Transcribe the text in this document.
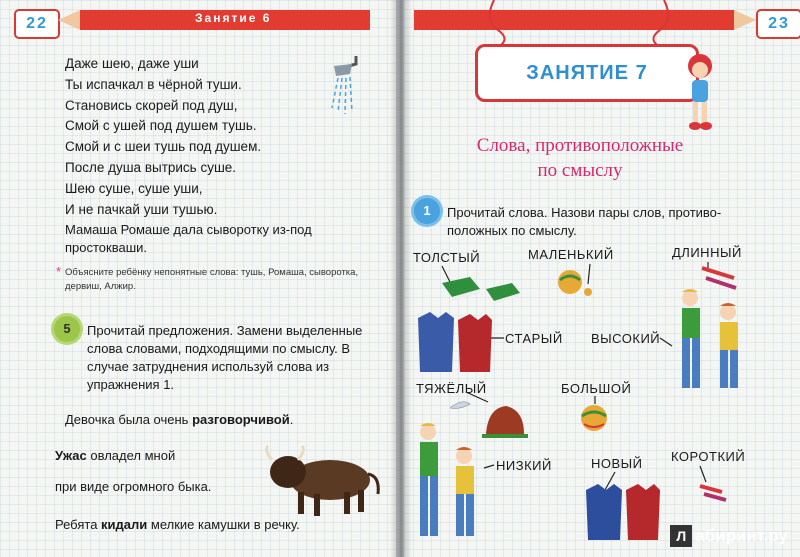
22	Занятие 6
Даже шею, даже уши
Ты испачкал в чёрной туши.
Становись скорей под душ,
Смой с ушей под душем тушь.
Смой и с шеи тушь под душем.
После душа вытрись суше.
Шею суше, суше уши,
И не пачкай уши тушью.
Мамаша Ромаше дала сыворотку из-под простокваши.
* Объясните ребёнку непонятные слова: тушь, Ромаша, сыворотка, дервиш, Алжир.
5	Прочитай предложения. Замени выделенные слова словами, подходящими по смыслу. В случае затруднения используй слова из упражнения 1.
Девочка была очень разговорчивой.
Ужас овладел мной
при виде огромного быка.
Ребята кидали мелкие камушки в речку.
23
ЗАНЯТИЕ 7
Слова, противоположные
по смыслу
1	Прочитай слова. Назови пары слов, противо-
положных по смыслу.
ТОЛСТЫЙ	МАЛЕНЬКИЙ	ДЛИННЫЙ
СТАРЫЙ ВЫСОКИЙ
ТЯЖЁЛЫЙ	БОЛЬШОЙ
НИЗКИЙ	НОВЫЙ КОРОТКИЙ
Л абиринт.ру
